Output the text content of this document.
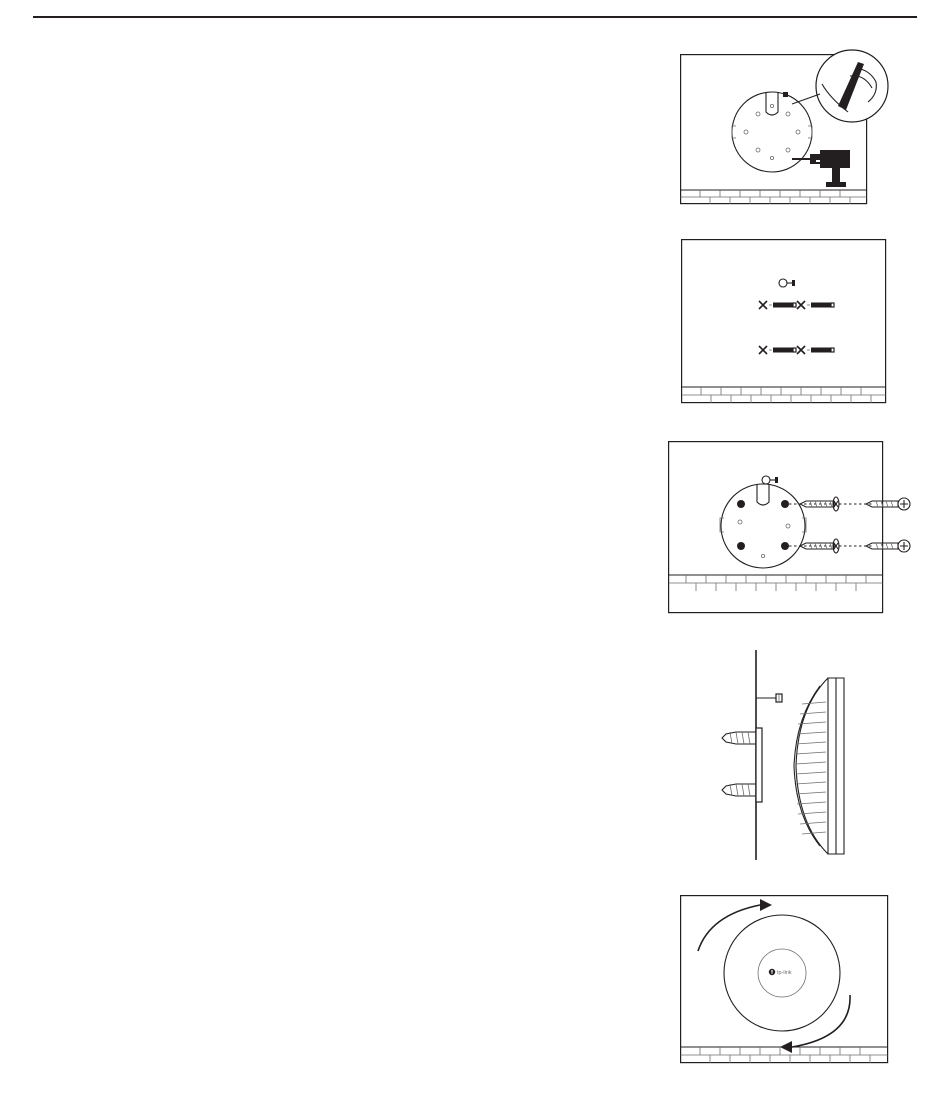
tp-link
